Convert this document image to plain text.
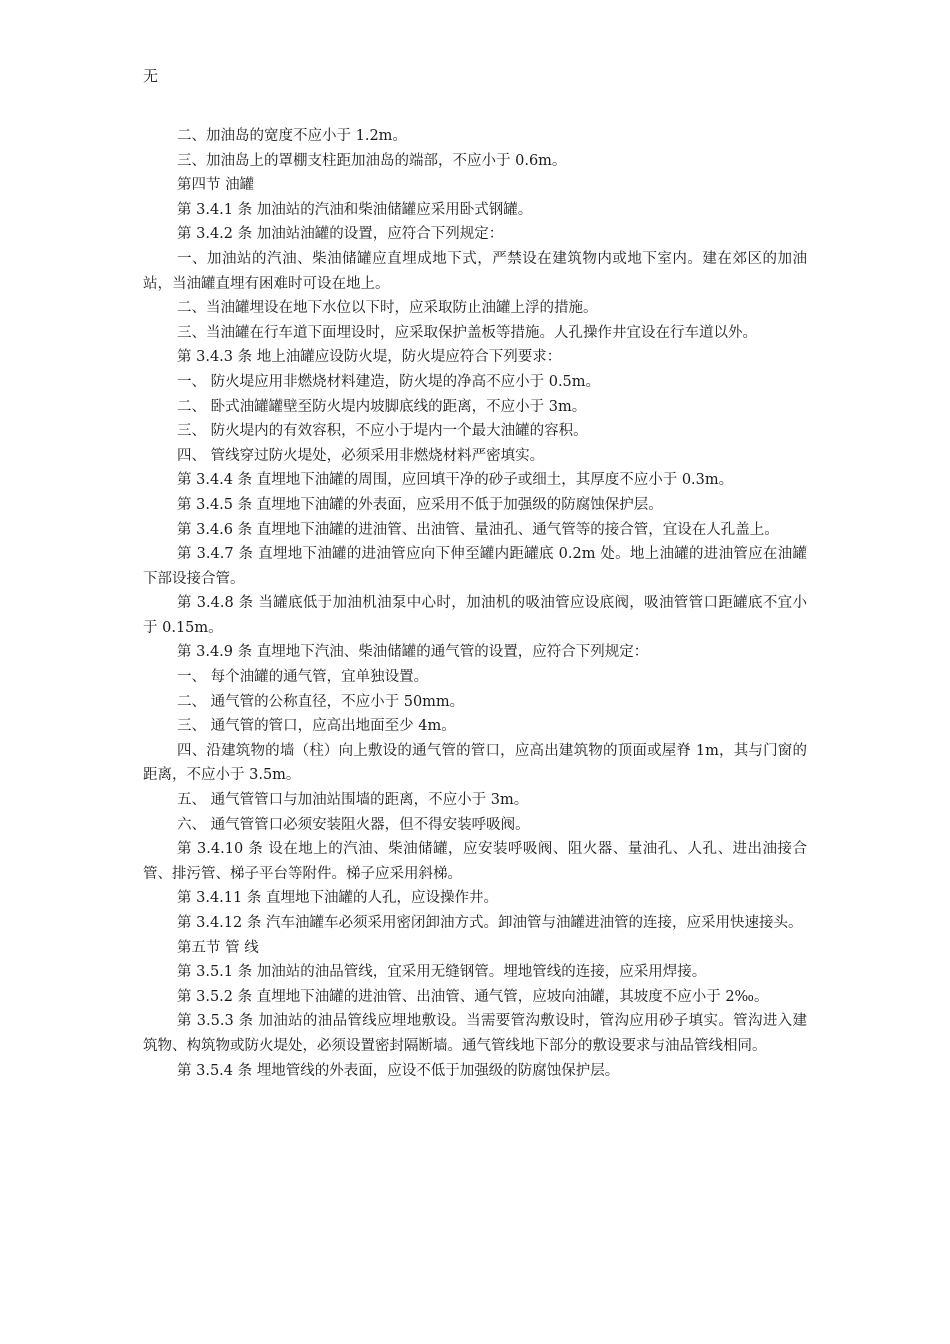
无

二、加油岛的宽度不应小于 1.2m。

三、加油岛上的罩棚支柱距加油岛的端部，不应小于 0.6m。

第四节 油罐

第 3.4.1 条 加油站的汽油和柴油储罐应采用卧式钢罐。

第 3.4.2 条 加油站油罐的设置，应符合下列规定：

一、加油站的汽油、柴油储罐应直埋成地下式，严禁设在建筑物内或地下室内。建在郊区的加油站，当油罐直埋有困难时可设在地上。

二、当油罐埋设在地下水位以下时，应采取防止油罐上浮的措施。

三、当油罐在行车道下面埋设时，应采取保护盖板等措施。人孔操作井宜设在行车道以外。

第 3.4.3 条 地上油罐应设防火堤，防火堤应符合下列要求：

一、 防火堤应用非燃烧材料建造，防火堤的净高不应小于 0.5m。

二、 卧式油罐罐壁至防火堤内坡脚底线的距离，不应小于 3m。

三、 防火堤内的有效容积，不应小于堤内一个最大油罐的容积。

四、 管线穿过防火堤处，必须采用非燃烧材料严密填实。

第 3.4.4 条 直埋地下油罐的周围，应回填干净的砂子或细土，其厚度不应小于 0.3m。

第 3.4.5 条 直埋地下油罐的外表面，应采用不低于加强级的防腐蚀保护层。

第 3.4.6 条 直埋地下油罐的进油管、出油管、量油孔、通气管等的接合管，宜设在人孔盖上。

第 3.4.7 条 直埋地下油罐的进油管应向下伸至罐内距罐底 0.2m 处。地上油罐的进油管应在油罐下部设接合管。

第 3.4.8 条 当罐底低于加油机油泵中心时，加油机的吸油管应设底阀，吸油管管口距罐底不宜小于 0.15m。

第 3.4.9 条 直埋地下汽油、柴油储罐的通气管的设置，应符合下列规定：

一、 每个油罐的通气管，宜单独设置。

二、 通气管的公称直径，不应小于 50mm。

三、 通气管的管口，应高出地面至少 4m。

四、沿建筑物的墙（柱）向上敷设的通气管的管口，应高出建筑物的顶面或屋脊 1m，其与门窗的距离，不应小于 3.5m。

五、 通气管管口与加油站围墙的距离，不应小于 3m。

六、 通气管管口必须安装阻火器，但不得安装呼吸阀。

第 3.4.10 条 设在地上的汽油、柴油储罐，应安装呼吸阀、阻火器、量油孔、人孔、进出油接合管、排污管、梯子平台等附件。梯子应采用斜梯。

第 3.4.11 条 直埋地下油罐的人孔，应设操作井。

第 3.4.12 条 汽车油罐车必须采用密闭卸油方式。卸油管与油罐进油管的连接，应采用快速接头。

第五节 管 线

第 3.5.1 条 加油站的油品管线，宜采用无缝钢管。埋地管线的连接，应采用焊接。

第 3.5.2 条 直埋地下油罐的进油管、出油管、通气管，应坡向油罐，其坡度不应小于 2‰。

第 3.5.3 条 加油站的油品管线应埋地敷设。当需要管沟敷设时，管沟应用砂子填实。管沟进入建筑物、构筑物或防火堤处，必须设置密封隔断墙。通气管线地下部分的敷设要求与油品管线相同。

第 3.5.4 条 埋地管线的外表面，应设不低于加强级的防腐蚀保护层。
